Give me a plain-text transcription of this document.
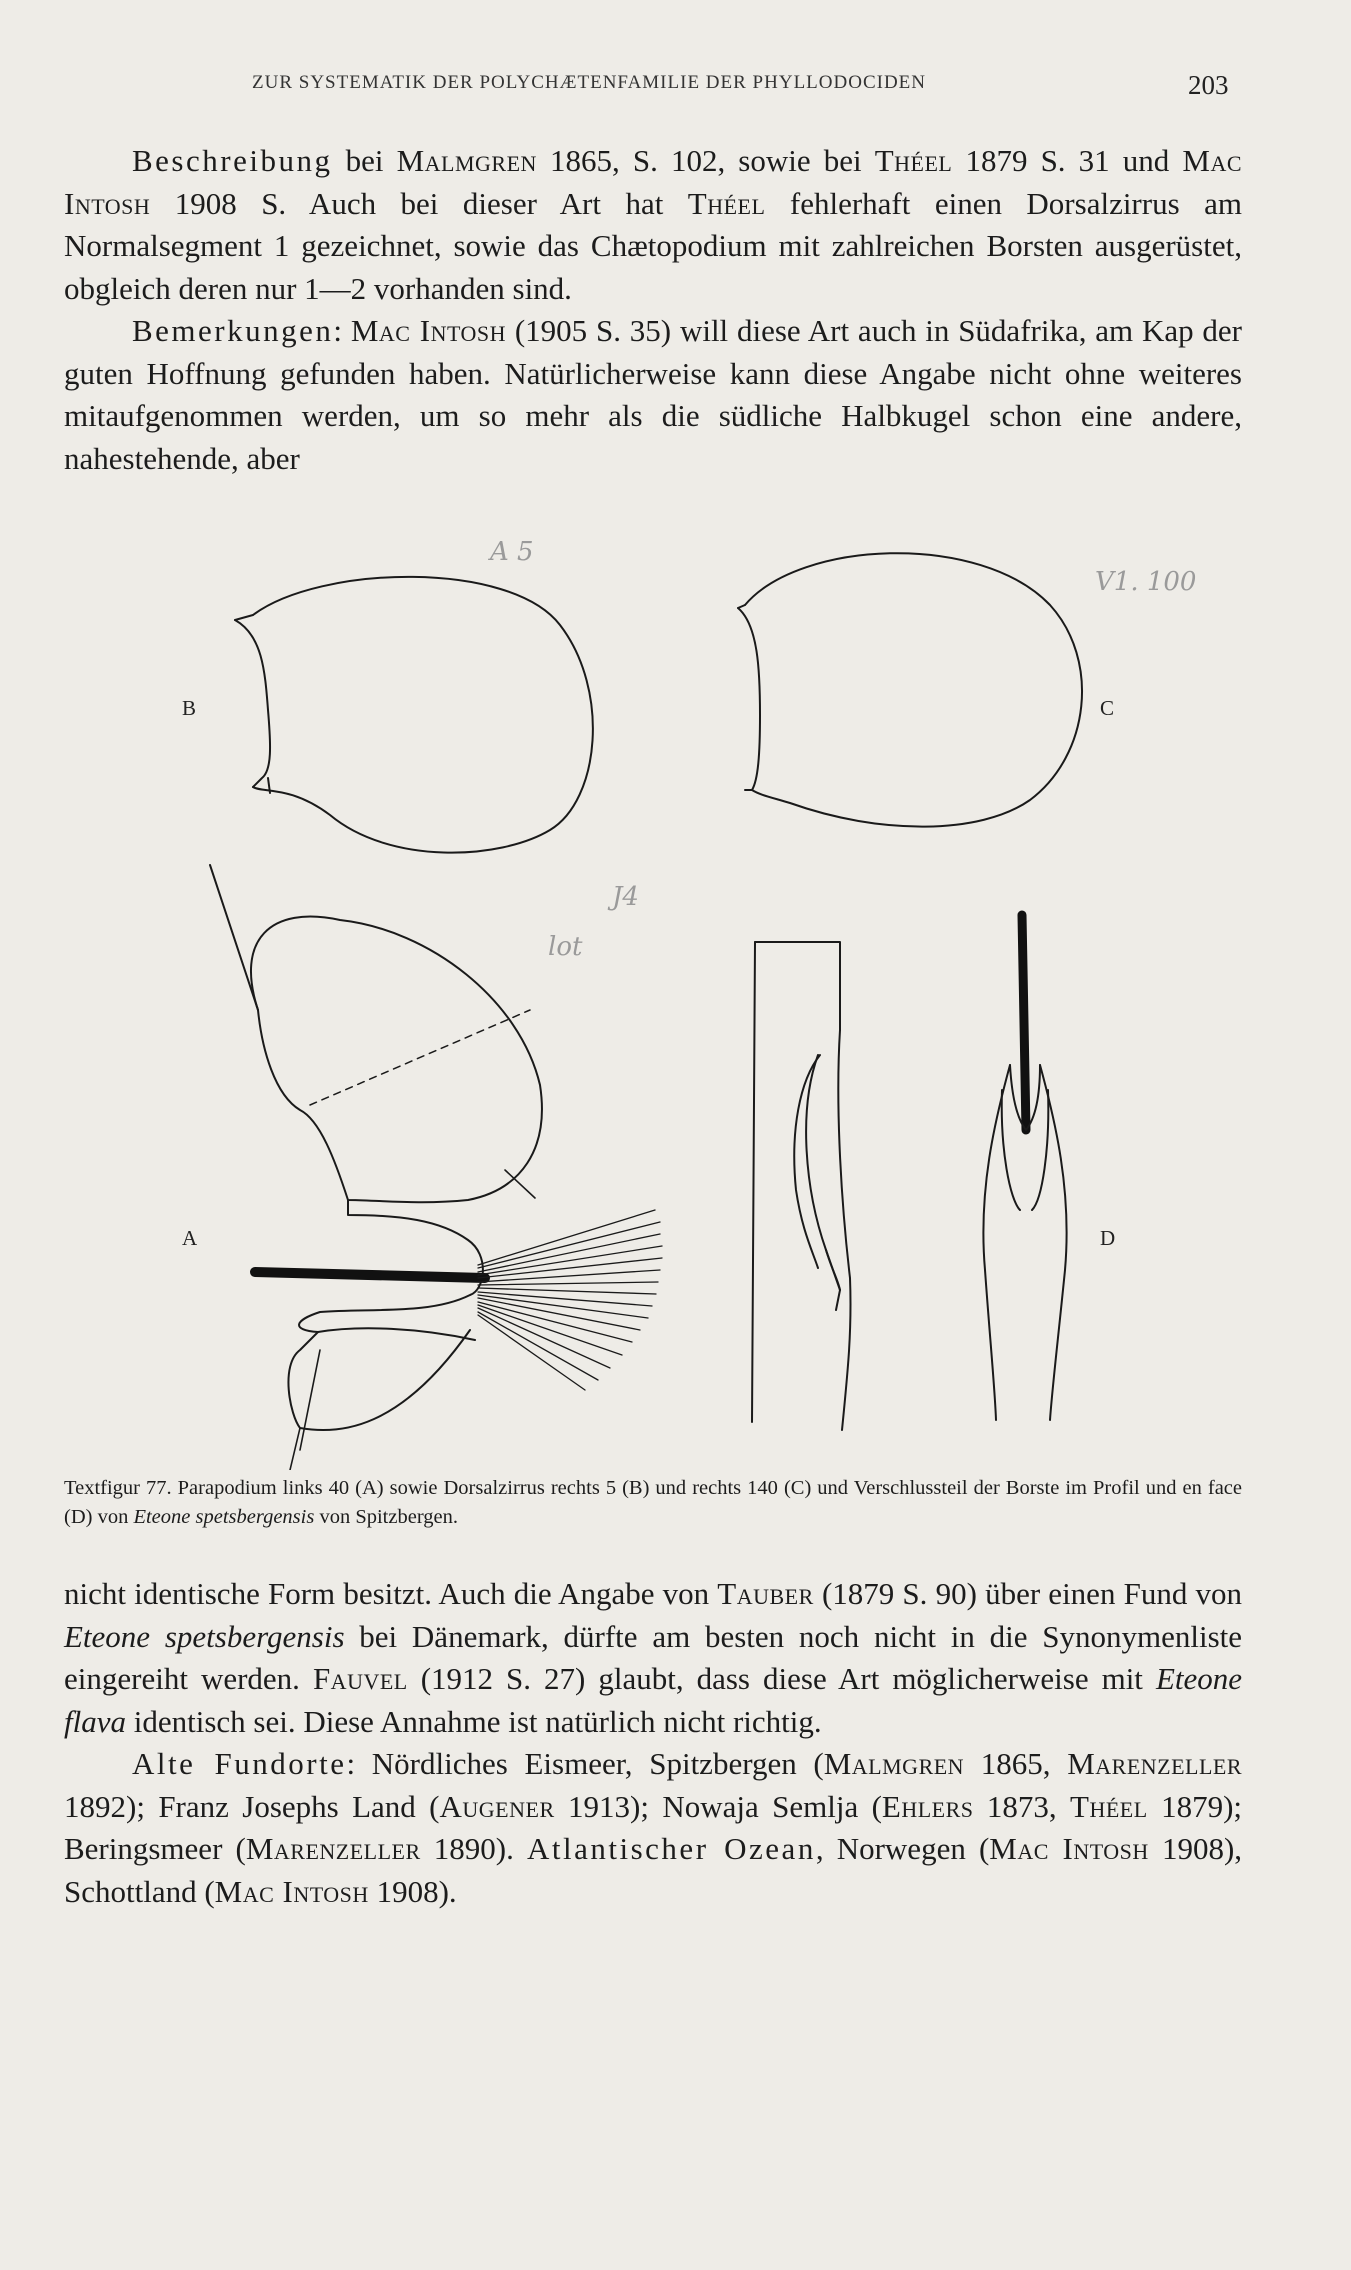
ZUR SYSTEMATIK DER POLYCHÆTENFAMILIE DER PHYLLODOCIDEN	203

Beschreibung bei Malmgren 1865, S. 102, sowie bei Théel 1879 S. 31 und Mac Intosh 1908 S. Auch bei dieser Art hat Théel fehlerhaft einen Dorsalzirrus am Normalsegment 1 gezeichnet, sowie das Chætopodium mit zahlreichen Borsten ausgerüstet, obgleich deren nur 1—2 vorhanden sind.

Bemerkungen: Mac Intosh (1905 S. 35) will diese Art auch in Südafrika, am Kap der guten Hoffnung gefunden haben. Natürlicherweise kann diese Angabe nicht ohne weiteres mitaufgenommen werden, um so mehr als die südliche Halbkugel schon eine andere, nahestehende, aber

B	C
A	D
A 5
V1. 100
lot
J4
Textfigur 77. Parapodium links 40 (A) sowie Dorsalzirrus rechts 5 (B) und rechts 140 (C) und Verschlussteil der Borste im Profil und en face (D) von Eteone spetsbergensis von Spitzbergen.

nicht identische Form besitzt. Auch die Angabe von Tauber (1879 S. 90) über einen Fund von Eteone spetsbergensis bei Dänemark, dürfte am besten noch nicht in die Synonymenliste eingereiht werden. Fauvel (1912 S. 27) glaubt, dass diese Art möglicherweise mit Eteone flava identisch sei. Diese Annahme ist natürlich nicht richtig.

Alte Fundorte: Nördliches Eismeer, Spitzbergen (Malmgren 1865, Marenzeller 1892); Franz Josephs Land (Augener 1913); Nowaja Semlja (Ehlers 1873, Théel 1879); Beringsmeer (Marenzeller 1890). Atlantischer Ozean, Norwegen (Mac Intosh 1908), Schottland (Mac Intosh 1908).
